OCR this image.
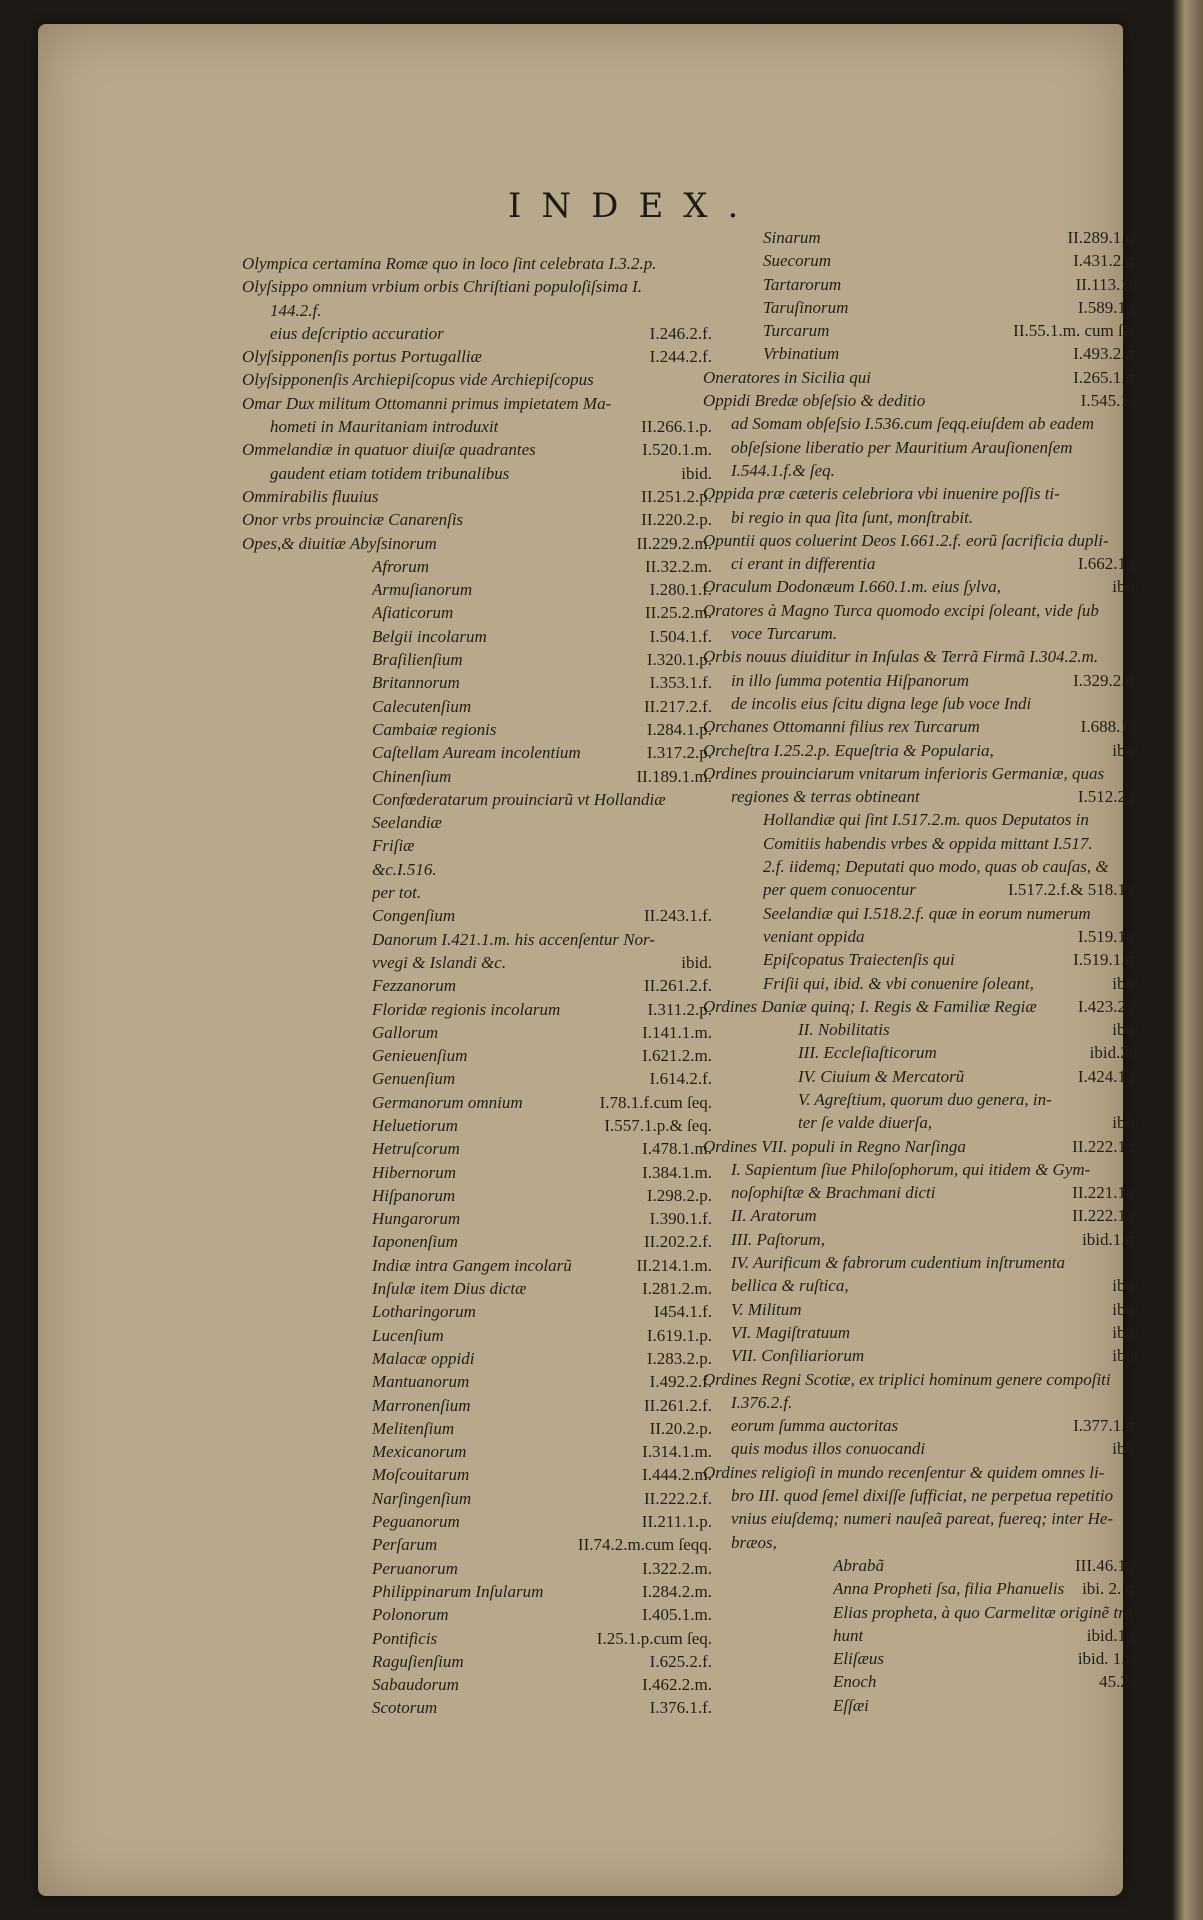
INDEX.
Olympica certamina Romæ quo in loco ſint celebrata I.3.2.p.
Olyſsippo omnium vrbium orbis Chriſtiani populoſiſsima I.
144.2.f.
eius deſcriptio accuratior	I.246.2.f.
Olyſsipponenſis portus Portugalliæ	I.244.2.f.
Olyſsipponenſis Archiepiſcopus vide Archiepiſcopus
Omar Dux militum Ottomanni primus impietatem Ma-
hometi in Mauritaniam introduxit	II.266.1.p.
Ommelandiæ in quatuor diuiſæ quadrantes	I.520.1.m.
gaudent etiam totidem tribunalibus	ibid.
Ommirabilis fluuius	II.251.2.p.
Onor vrbs prouinciæ Canarenſis	II.220.2.p.
Opes,& diuitiæ Abyſsinorum	II.229.2.m.
Afrorum	II.32.2.m.
Armuſianorum	I.280.1.f.
Aſiaticorum	II.25.2.m.
Belgii incolarum	I.504.1.f.
Braſilienſium	I.320.1.p.
Britannorum	I.353.1.f.
Calecutenſium	II.217.2.f.
Cambaiæ regionis	I.284.1.p.
Caſtellam Auream incolentium	I.317.2.p.
Chinenſium	II.189.1.m.
Confœderatarum prouinciarũ vt Hollandiæ
Seelandiæ
Friſiæ
&c.I.516.
per tot.
Congenſium	II.243.1.f.
Danorum I.421.1.m. his accenſentur Nor-
vvegi & Islandi &c.	ibid.
Fezzanorum	II.261.2.f.
Floridæ regionis incolarum	I.311.2.p.
Gallorum	I.141.1.m.
Genieuenſium	I.621.2.m.
Genuenſium	I.614.2.f.
Germanorum omnium	I.78.1.f.cum ſeq.
Heluetiorum	I.557.1.p.& ſeq.
Hetruſcorum	I.478.1.m.
Hibernorum	I.384.1.m.
Hiſpanorum	I.298.2.p.
Hungarorum	I.390.1.f.
Iaponenſium	II.202.2.f.
Indiæ intra Gangem incolarũ	II.214.1.m.
Inſulæ item Dius dictæ	I.281.2.m.
Lotharingorum	I454.1.f.
Lucenſium	I.619.1.p.
Malacæ oppidi	I.283.2.p.
Mantuanorum	I.492.2.f.
Marronenſium	II.261.2.f.
Melitenſium	II.20.2.p.
Mexicanorum	I.314.1.m.
Moſcouitarum	I.444.2.m.
Narſingenſium	II.222.2.f.
Peguanorum	II.211.1.p.
Perſarum	II.74.2.m.cum ſeqq.
Peruanorum	I.322.2.m.
Philippinarum Inſularum	I.284.2.m.
Polonorum	I.405.1.m.
Pontificis	I.25.1.p.cum ſeq.
Raguſienſium	I.625.2.f.
Sabaudorum	I.462.2.m.
Scotorum	I.376.1.f.
Sinarum	II.289.1.m.
Suecorum	I.431.2.m.
Tartarorum	II.113.1.f.
Taruſinorum	I.589.1.p.
Turcarum	II.55.1.m. cum ſeq.
Vrbinatium	I.493.2.m.
Oneratores in Sicilia qui	I.265.1.m.
Oppidi Bredæ obſeſsio & deditio	I.545.1.f.
ad Somam obſeſsio I.536.cum ſeqq.eiuſdem ab eadem
obſeſsione liberatio per Mauritium Arauſionenſem
I.544.1.f.& ſeq.
Oppida præ cæteris celebriora vbi inuenire poſſis ti-
bi regio in qua ſita ſunt, monſtrabit.
Opuntii quos coluerint Deos I.661.2.f. eorũ ſacrificia dupli-
ci erant in differentia	I.662.1.p.
Oraculum Dodonæum I.660.1.m. eius ſylva,	ibid.
Oratores à Magno Turca quomodo excipi ſoleant, vide ſub
voce Turcarum.
Orbis nouus diuiditur in Inſulas & Terrã Firmã I.304.2.m.
in illo ſumma potentia Hiſpanorum	I.329.2.m.
de incolis eius ſcitu digna lege ſub voce Indi
Orchanes Ottomanni filius rex Turcarum	I.688.1.f.
Orcheſtra I.25.2.p. Equeſtria & Popularia,	ibid.
Ordines prouinciarum vnitarum inferioris Germaniæ, quas
regiones & terras obtineant	I.512.2.p.
Hollandiæ qui ſint I.517.2.m. quos Deputatos in
Comitiis habendis vrbes & oppida mittant I.517.
2.f. iidemq; Deputati quo modo, quas ob cauſas, &
per quem conuocentur	I.517.2.f.& 518.1.p.
Seelandiæ qui I.518.2.f. quæ in eorum numerum
veniant oppida	I.519.1.p.
Epiſcopatus Traiectenſis qui	I.519.1.m.
Friſii qui, ibid. & vbi conuenire ſoleant,	ibid.
Ordines Daniæ quinq; I. Regis & Familiæ Regiæ I.423.2.p.
II. Nobilitatis	ibid.
III. Eccleſiaſticorum	ibid.2.f.
IV. Ciuium & Mercatorũ	I.424.1.p.
V. Agreſtium, quorum duo genera, in-
ter ſe valde diuerſa,	ibid.
Ordines VII. populi in Regno Narſinga	II.222.1.p.
I. Sapientum ſiue Philoſophorum, qui itidem & Gym-
noſophiſtæ & Brachmani dicti	II.221.1.p.
II. Aratorum	II.222.1.p.
III. Paſtorum,	ibid.1.m.
IV. Aurificum & fabrorum cudentium inſtrumenta
bellica & ruſtica,	ibid.
V. Militum	ibid.
VI. Magiſtratuum	ibid.
VII. Conſiliariorum	ibid.
Ordines Regni Scotiæ, ex triplici hominum genere compoſiti
I.376.2.f.
eorum ſumma auctoritas	I.377.1.m.
quis modus illos conuocandi	ibid.
Ordines religioſi in mundo recenſentur & quidem omnes li-
bro III. quod ſemel dixiſſe ſufficiat, ne perpetua repetitio
vnius eiuſdemq; numeri nauſeã pareat, fuereq; inter He-
bræos,
Abrabã	III.46.1.p.
Anna Propheti ſsa, filia Phanuelis ibi. 2. m.
Elias propheta, à quo Carmelitæ originẽ tra-
hunt	ibid.1.p.
Eliſæus	ibid. 1.m.
Enoch	45.2.f.
Eſſæi
